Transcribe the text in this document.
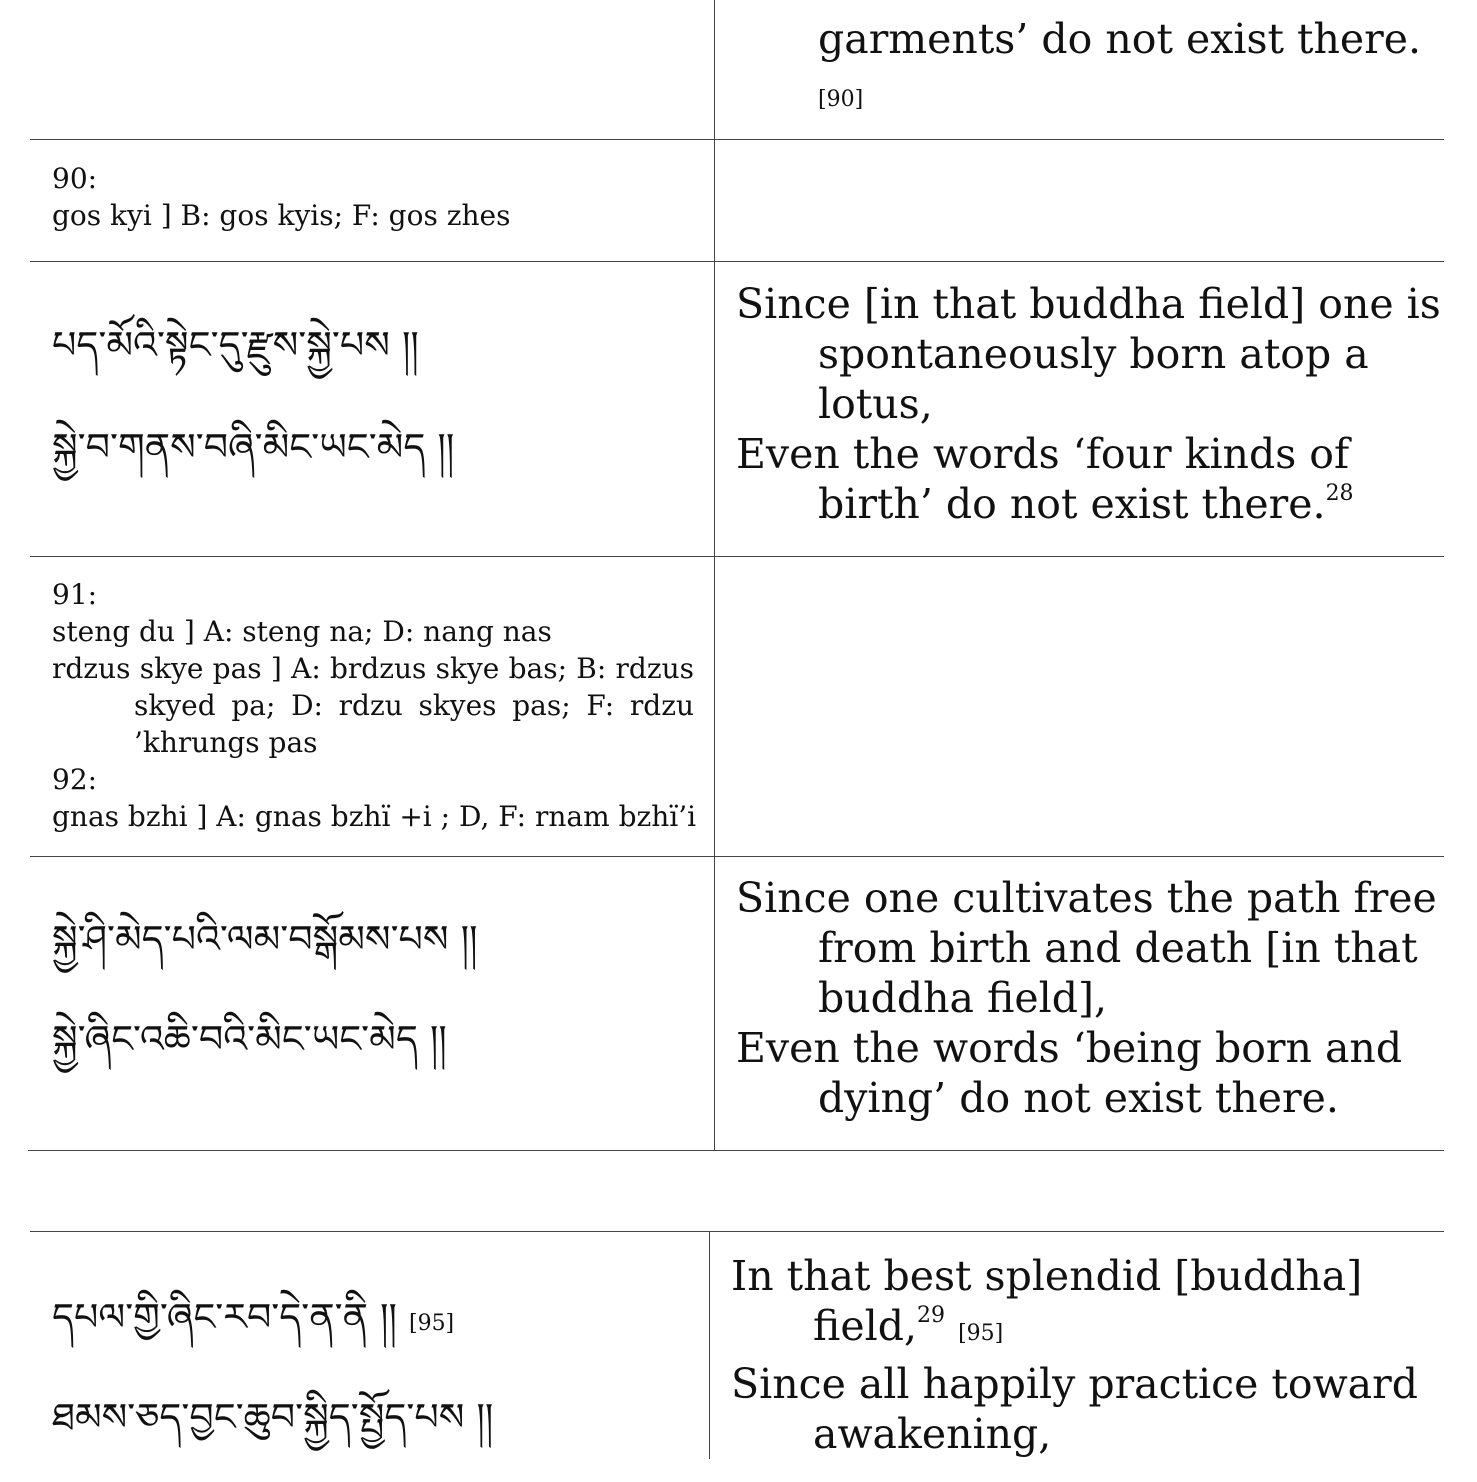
garments’ do not exist there.
[90]
90:
gos kyi ] B: gos kyis; F: gos zhes
པད་མོའི་སྟེང་དུ་རྫུས་སྐྱེ་པས །།
སྐྱེ་བ་གནས་བཞི་མིང་ཡང་མེད །།
Since [in that buddha field] one is
spontaneously born atop a
lotus,
Even the words ‘four kinds of
birth’ do not exist there.$^{28}$
91:
steng du ] A: steng na; D: nang nas
rdzus skye pas ] A: brdzus skye bas; B: rdzus skyed pa; D: rdzu skyes pas; F: rdzu ’khrungs pas
92:
gnas bzhi ] A: gnas bzhï +i ; D, F: rnam bzhï’i
སྐྱེ་ཤི་མེད་པའི་ལམ་བསྒོམས་པས །།
སྐྱེ་ཞིང་འཆི་བའི་མིང་ཡང་མེད །།
Since one cultivates the path free
from birth and death [in that
buddha field],
Even the words ‘being born and
dying’ do not exist there.
དཔལ་གྱི་ཞིང་རབ་དེ་ན་ནི །། [95]
ཐམས་ཅད་བྱང་ཆུབ་སྐྱིད་སྤྱོད་པས །།
In that best splendid [buddha]
field,$^{29}$ [95]
Since all happily practice toward
awakening,
